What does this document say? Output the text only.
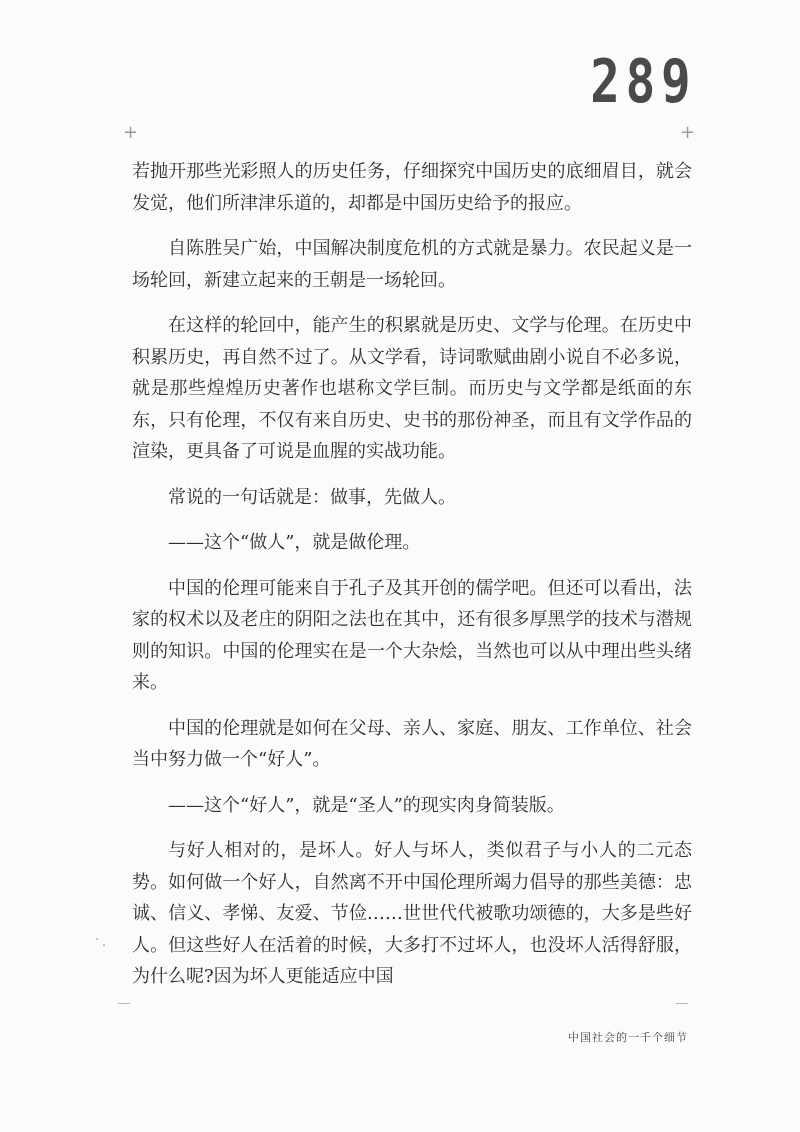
289
+	+

若抛开那些光彩照人的历史任务，仔细探究中国历史的底细眉目，就会发觉，他们所津津乐道的，却都是中国历史给予的报应。

自陈胜吴广始，中国解决制度危机的方式就是暴力。农民起义是一场轮回，新建立起来的王朝是一场轮回。

在这样的轮回中，能产生的积累就是历史、文学与伦理。在历史中积累历史，再自然不过了。从文学看，诗词歌赋曲剧小说自不必多说，就是那些煌煌历史著作也堪称文学巨制。而历史与文学都是纸面的东东，只有伦理，不仅有来自历史、史书的那份神圣，而且有文学作品的渲染，更具备了可说是血腥的实战功能。

常说的一句话就是：做事，先做人。

——这个“做人”，就是做伦理。

中国的伦理可能来自于孔子及其开创的儒学吧。但还可以看出，法家的权术以及老庄的阴阳之法也在其中，还有很多厚黑学的技术与潜规则的知识。中国的伦理实在是一个大杂烩，当然也可以从中理出些头绪来。

中国的伦理就是如何在父母、亲人、家庭、朋友、工作单位、社会当中努力做一个“好人”。

——这个“好人”，就是“圣人”的现实肉身简装版。

与好人相对的，是坏人。好人与坏人，类似君子与小人的二元态势。如何做一个好人，自然离不开中国伦理所竭力倡导的那些美德：忠诚、信义、孝悌、友爱、节俭……世世代代被歌功颂德的，大多是些好人。但这些好人在活着的时候，大多打不过坏人，也没坏人活得舒服，为什么呢?因为坏人更能适应中国

中国社会的一千个细节
